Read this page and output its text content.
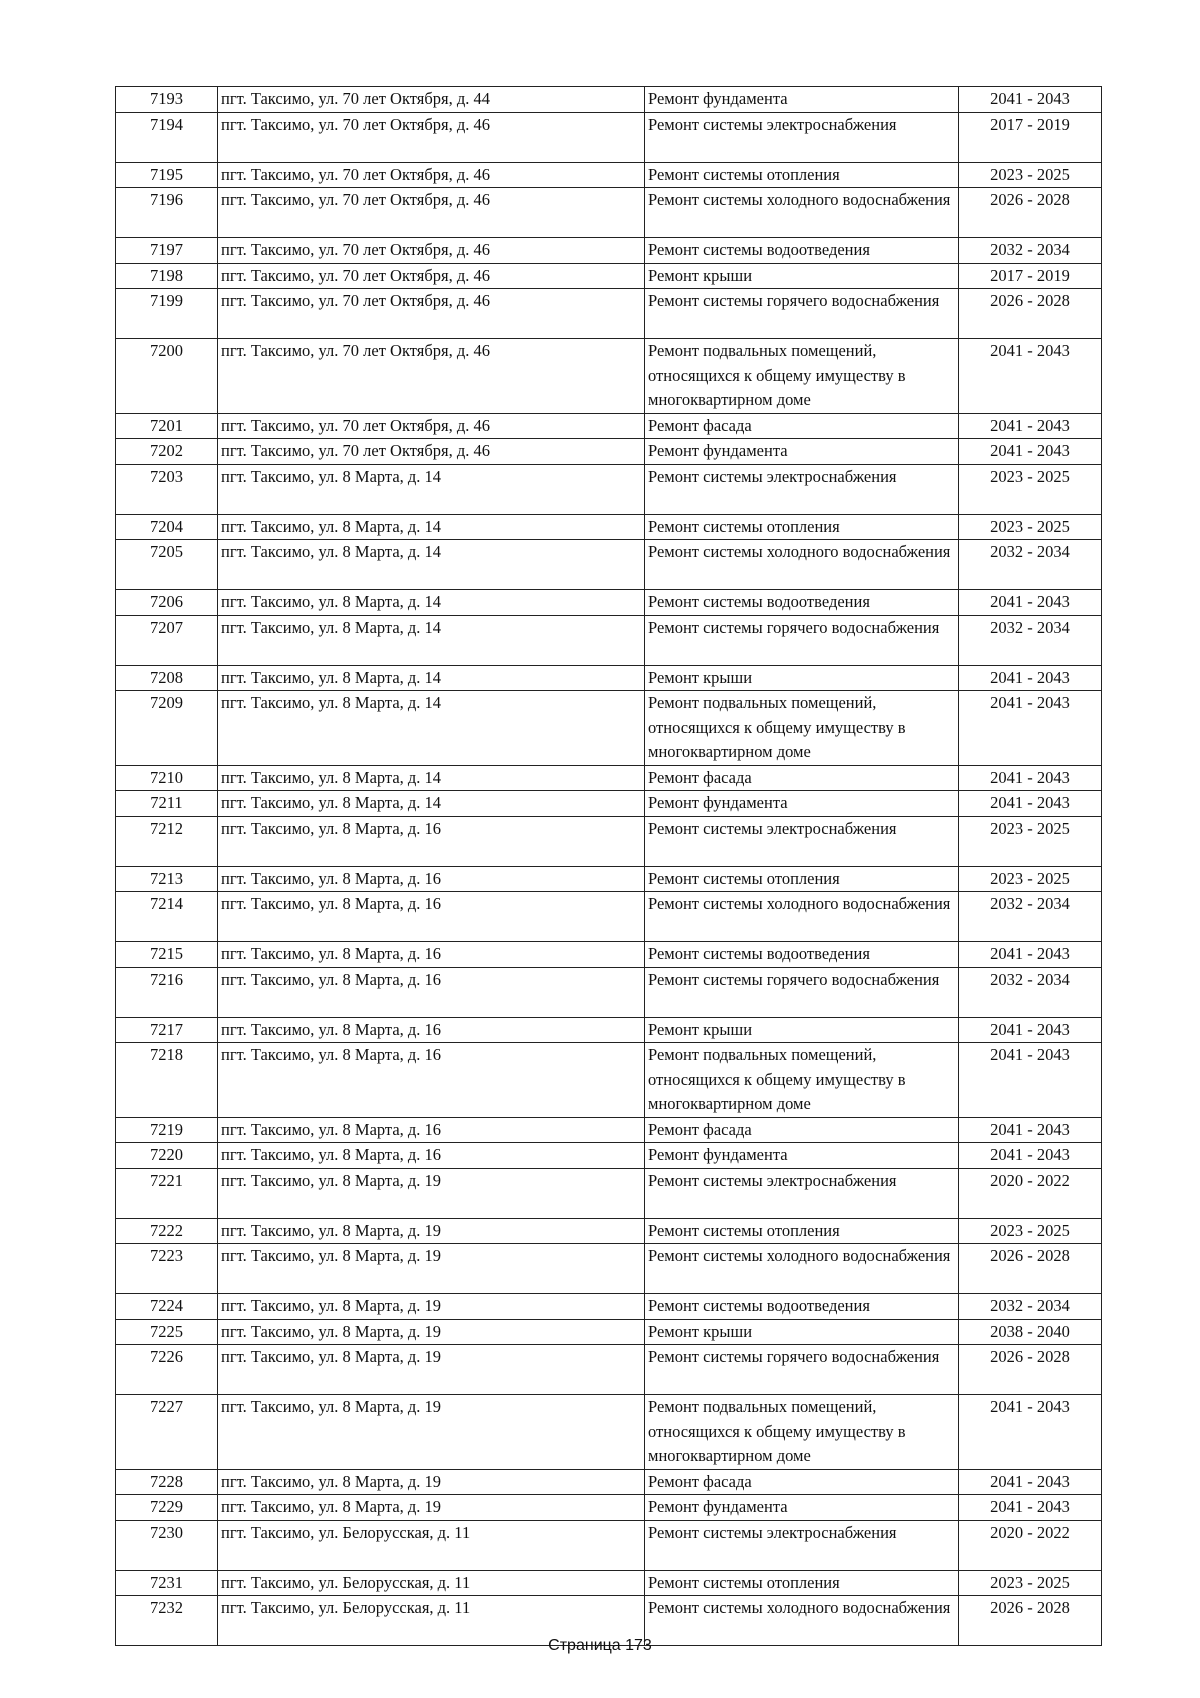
7193	пгт. Таксимо, ул. 70 лет Октября, д. 44	Ремонт фундамента	2041 - 2043
7194	пгт. Таксимо, ул. 70 лет Октября, д. 46	Ремонт системы электроснабжения	2017 - 2019
7195	пгт. Таксимо, ул. 70 лет Октября, д. 46	Ремонт системы отопления	2023 - 2025
7196	пгт. Таксимо, ул. 70 лет Октября, д. 46	Ремонт системы холодного водоснабжения	2026 - 2028
7197	пгт. Таксимо, ул. 70 лет Октября, д. 46	Ремонт системы водоотведения	2032 - 2034
7198	пгт. Таксимо, ул. 70 лет Октября, д. 46	Ремонт крыши	2017 - 2019
7199	пгт. Таксимо, ул. 70 лет Октября, д. 46	Ремонт системы горячего водоснабжения	2026 - 2028
7200	пгт. Таксимо, ул. 70 лет Октября, д. 46	Ремонт подвальных помещений, относящихся к общему имуществу в многоквартирном доме	2041 - 2043
7201	пгт. Таксимо, ул. 70 лет Октября, д. 46	Ремонт фасада	2041 - 2043
7202	пгт. Таксимо, ул. 70 лет Октября, д. 46	Ремонт фундамента	2041 - 2043
7203	пгт. Таксимо, ул. 8 Марта, д. 14	Ремонт системы электроснабжения	2023 - 2025
7204	пгт. Таксимо, ул. 8 Марта, д. 14	Ремонт системы отопления	2023 - 2025
7205	пгт. Таксимо, ул. 8 Марта, д. 14	Ремонт системы холодного водоснабжения	2032 - 2034
7206	пгт. Таксимо, ул. 8 Марта, д. 14	Ремонт системы водоотведения	2041 - 2043
7207	пгт. Таксимо, ул. 8 Марта, д. 14	Ремонт системы горячего водоснабжения	2032 - 2034
7208	пгт. Таксимо, ул. 8 Марта, д. 14	Ремонт крыши	2041 - 2043
7209	пгт. Таксимо, ул. 8 Марта, д. 14	Ремонт подвальных помещений, относящихся к общему имуществу в многоквартирном доме	2041 - 2043
7210	пгт. Таксимо, ул. 8 Марта, д. 14	Ремонт фасада	2041 - 2043
7211	пгт. Таксимо, ул. 8 Марта, д. 14	Ремонт фундамента	2041 - 2043
7212	пгт. Таксимо, ул. 8 Марта, д. 16	Ремонт системы электроснабжения	2023 - 2025
7213	пгт. Таксимо, ул. 8 Марта, д. 16	Ремонт системы отопления	2023 - 2025
7214	пгт. Таксимо, ул. 8 Марта, д. 16	Ремонт системы холодного водоснабжения	2032 - 2034
7215	пгт. Таксимо, ул. 8 Марта, д. 16	Ремонт системы водоотведения	2041 - 2043
7216	пгт. Таксимо, ул. 8 Марта, д. 16	Ремонт системы горячего водоснабжения	2032 - 2034
7217	пгт. Таксимо, ул. 8 Марта, д. 16	Ремонт крыши	2041 - 2043
7218	пгт. Таксимо, ул. 8 Марта, д. 16	Ремонт подвальных помещений, относящихся к общему имуществу в многоквартирном доме	2041 - 2043
7219	пгт. Таксимо, ул. 8 Марта, д. 16	Ремонт фасада	2041 - 2043
7220	пгт. Таксимо, ул. 8 Марта, д. 16	Ремонт фундамента	2041 - 2043
7221	пгт. Таксимо, ул. 8 Марта, д. 19	Ремонт системы электроснабжения	2020 - 2022
7222	пгт. Таксимо, ул. 8 Марта, д. 19	Ремонт системы отопления	2023 - 2025
7223	пгт. Таксимо, ул. 8 Марта, д. 19	Ремонт системы холодного водоснабжения	2026 - 2028
7224	пгт. Таксимо, ул. 8 Марта, д. 19	Ремонт системы водоотведения	2032 - 2034
7225	пгт. Таксимо, ул. 8 Марта, д. 19	Ремонт крыши	2038 - 2040
7226	пгт. Таксимо, ул. 8 Марта, д. 19	Ремонт системы горячего водоснабжения	2026 - 2028
7227	пгт. Таксимо, ул. 8 Марта, д. 19	Ремонт подвальных помещений, относящихся к общему имуществу в многоквартирном доме	2041 - 2043
7228	пгт. Таксимо, ул. 8 Марта, д. 19	Ремонт фасада	2041 - 2043
7229	пгт. Таксимо, ул. 8 Марта, д. 19	Ремонт фундамента	2041 - 2043
7230	пгт. Таксимо, ул. Белорусская, д. 11	Ремонт системы электроснабжения	2020 - 2022
7231	пгт. Таксимо, ул. Белорусская, д. 11	Ремонт системы отопления	2023 - 2025
7232	пгт. Таксимо, ул. Белорусская, д. 11	Ремонт системы холодного водоснабжения	2026 - 2028
Страница 173
